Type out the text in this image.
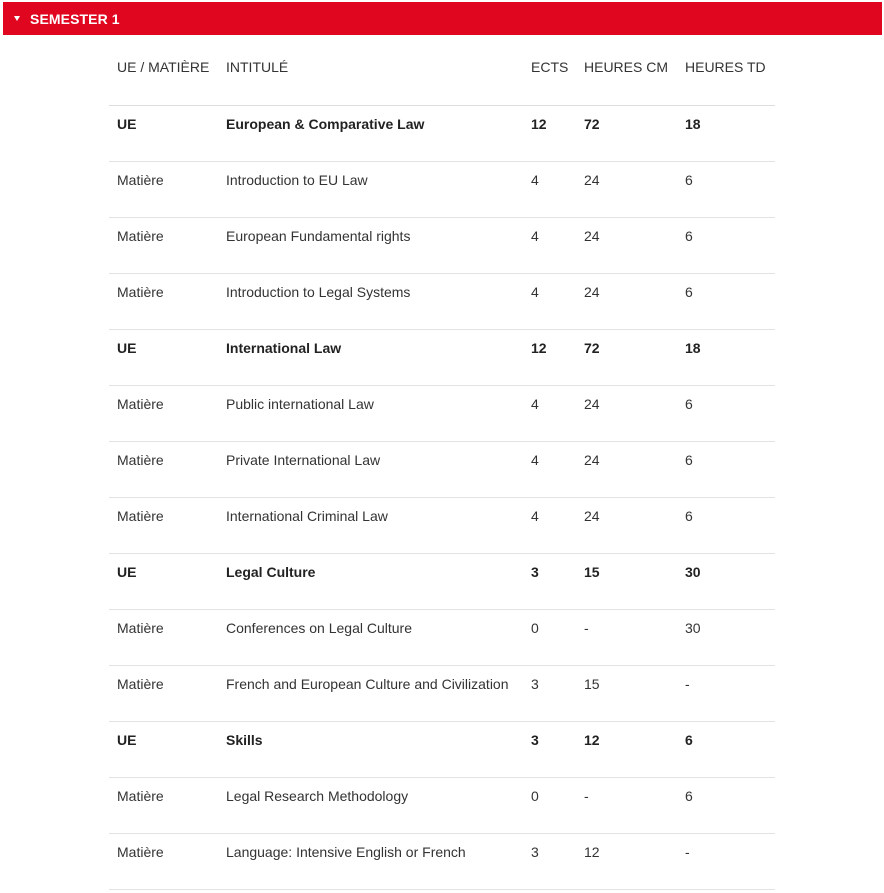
SEMESTER 1
UE / MATIÈRE	INTITULÉ	ECTS	HEURES CM	HEURES TD
UE	European & Comparative Law	12	72	18
Matière	Introduction to EU Law	4	24	6
Matière	European Fundamental rights	4	24	6
Matière	Introduction to Legal Systems	4	24	6
UE	International Law	12	72	18
Matière	Public international Law	4	24	6
Matière	Private International Law	4	24	6
Matière	International Criminal Law	4	24	6
UE	Legal Culture	3	15	30
Matière	Conferences on Legal Culture	0	-	30
Matière	French and European Culture and Civilization	3	15	-
UE	Skills	3	12	6
Matière	Legal Research Methodology	0	-	6
Matière	Language: Intensive English or French	3	12	-
